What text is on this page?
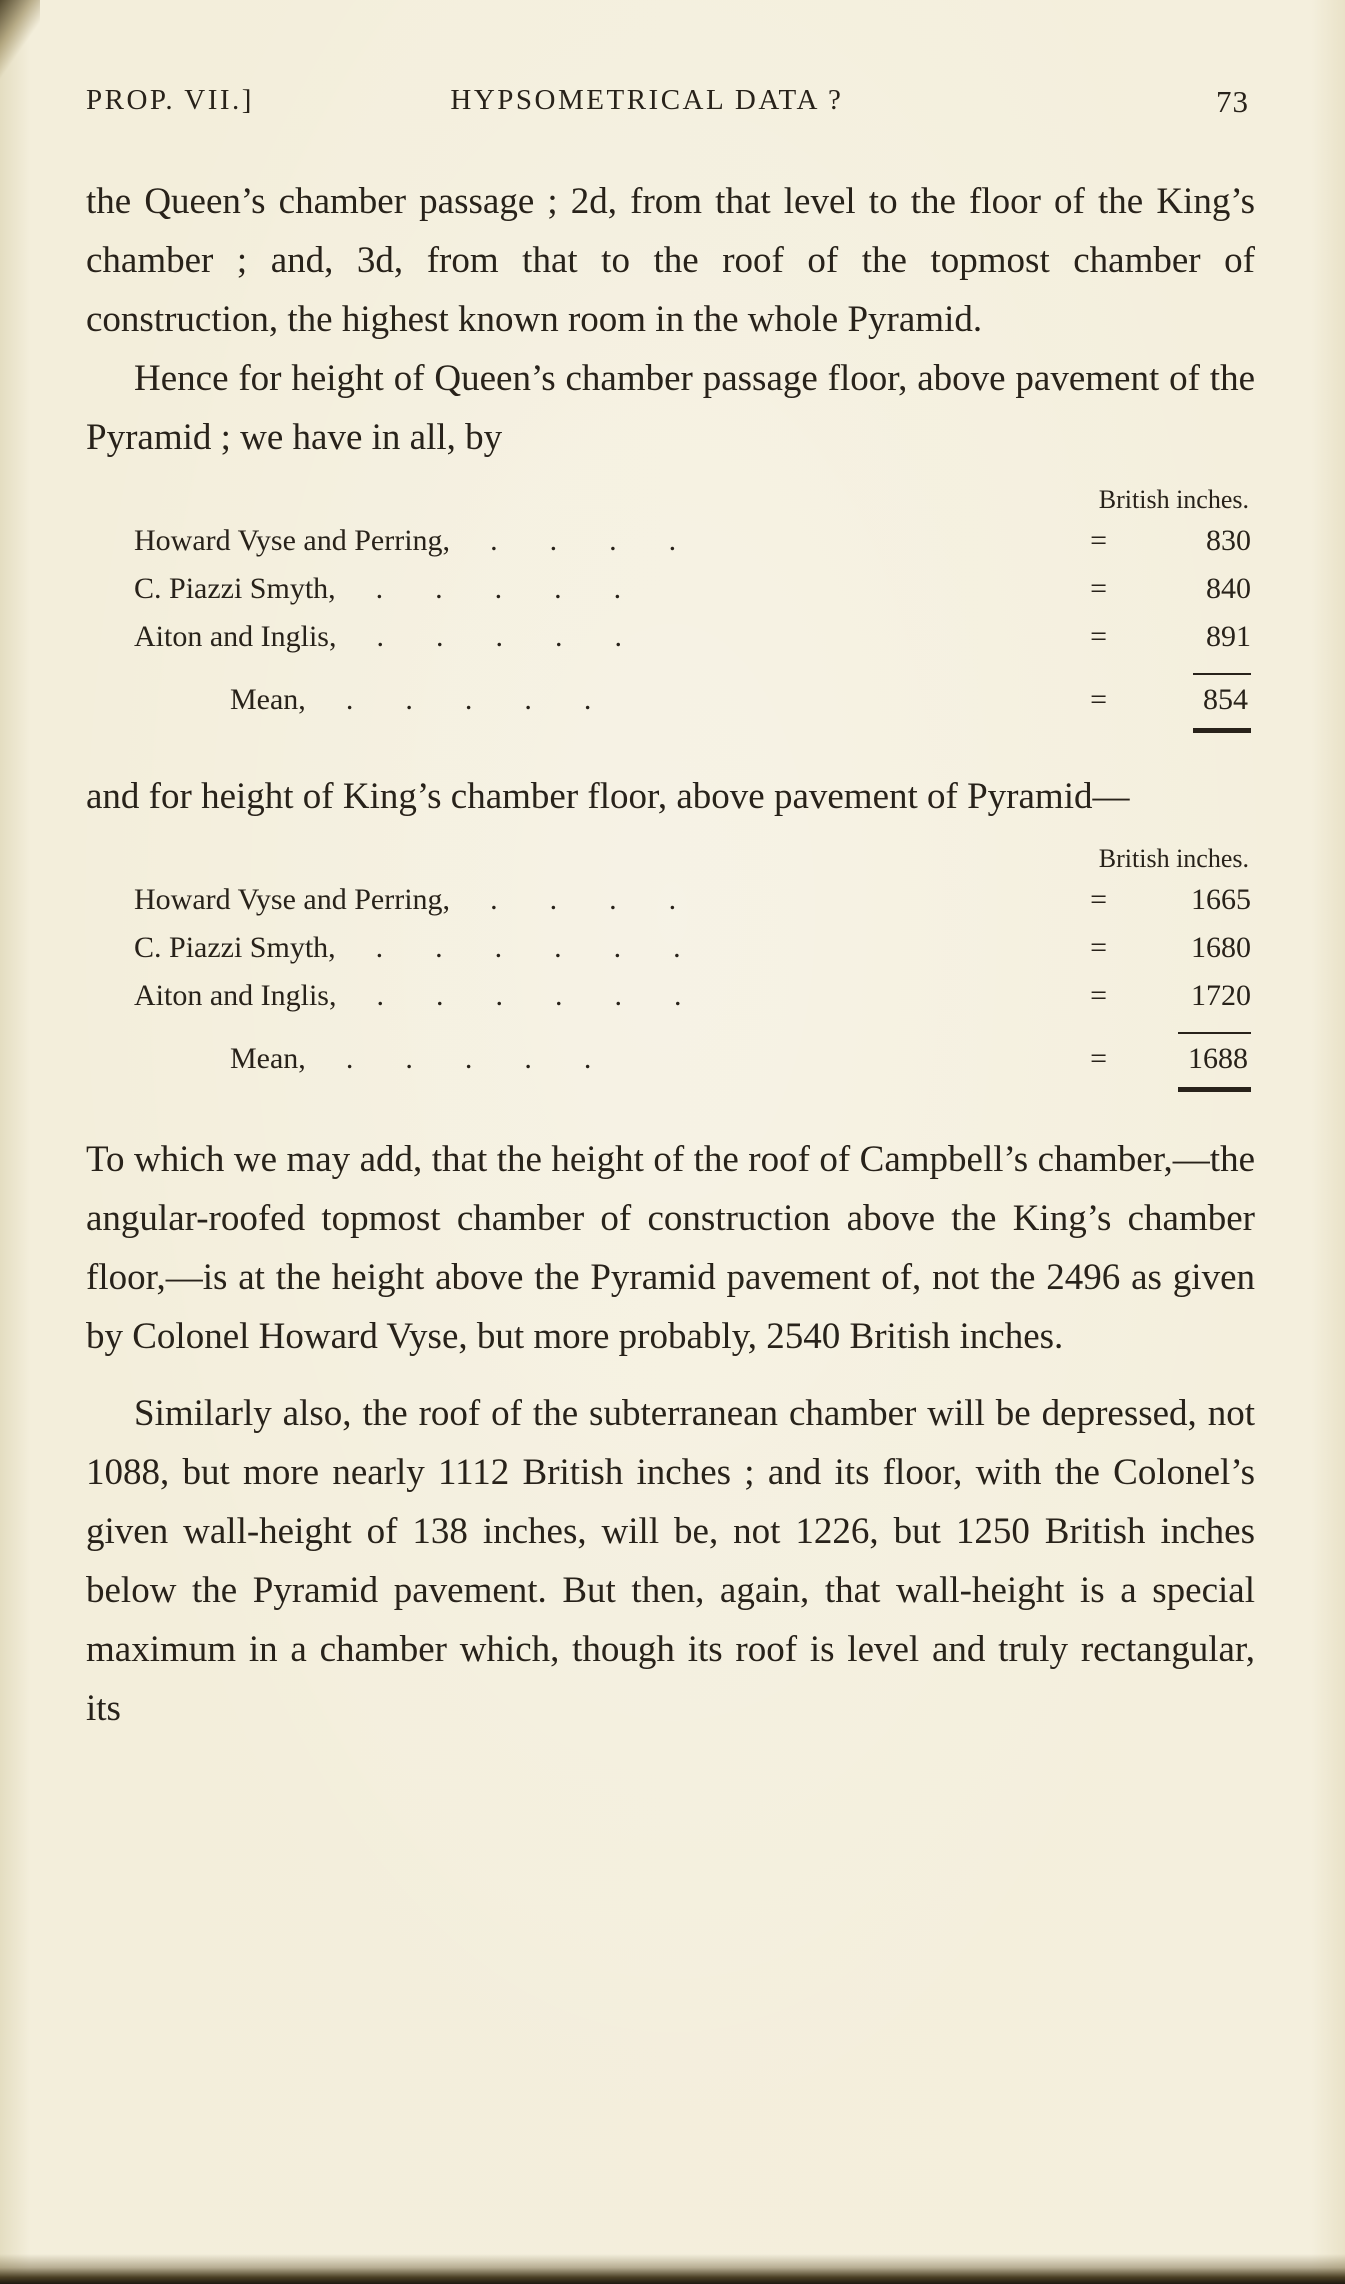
PROP. VII.]	HYPSOMETRICAL DATA ?	73

the Queen’s chamber passage ; 2d, from that level to the floor of the King’s chamber ; and, 3d, from that to the roof of the topmost chamber of construction, the highest known room in the whole Pyramid.

Hence for height of Queen’s chamber passage floor, above pavement of the Pyramid ; we have in all, by

British inches.
Howard Vyse and Perring,	....	=	830
C. Piazzi Smyth,	.....	=	840
Aiton and Inglis,	.....	=	891
Mean,	.....	=	854

and for height of King’s chamber floor, above pavement of Pyramid—

British inches.
Howard Vyse and Perring,	....	=	1665
C. Piazzi Smyth,	......	=	1680
Aiton and Inglis,	......	=	1720
Mean,	.....	=	1688

To which we may add, that the height of the roof of Campbell’s chamber,—the angular-roofed topmost chamber of construction above the King’s chamber floor,—is at the height above the Pyramid pavement of, not the 2496 as given by Colonel Howard Vyse, but more probably, 2540 British inches.

Similarly also, the roof of the subterranean chamber will be depressed, not 1088, but more nearly 1112 British inches ; and its floor, with the Colonel’s given wall-height of 138 inches, will be, not 1226, but 1250 British inches below the Pyramid pavement. But then, again, that wall-height is a special maximum in a chamber which, though its roof is level and truly rectangular, its
